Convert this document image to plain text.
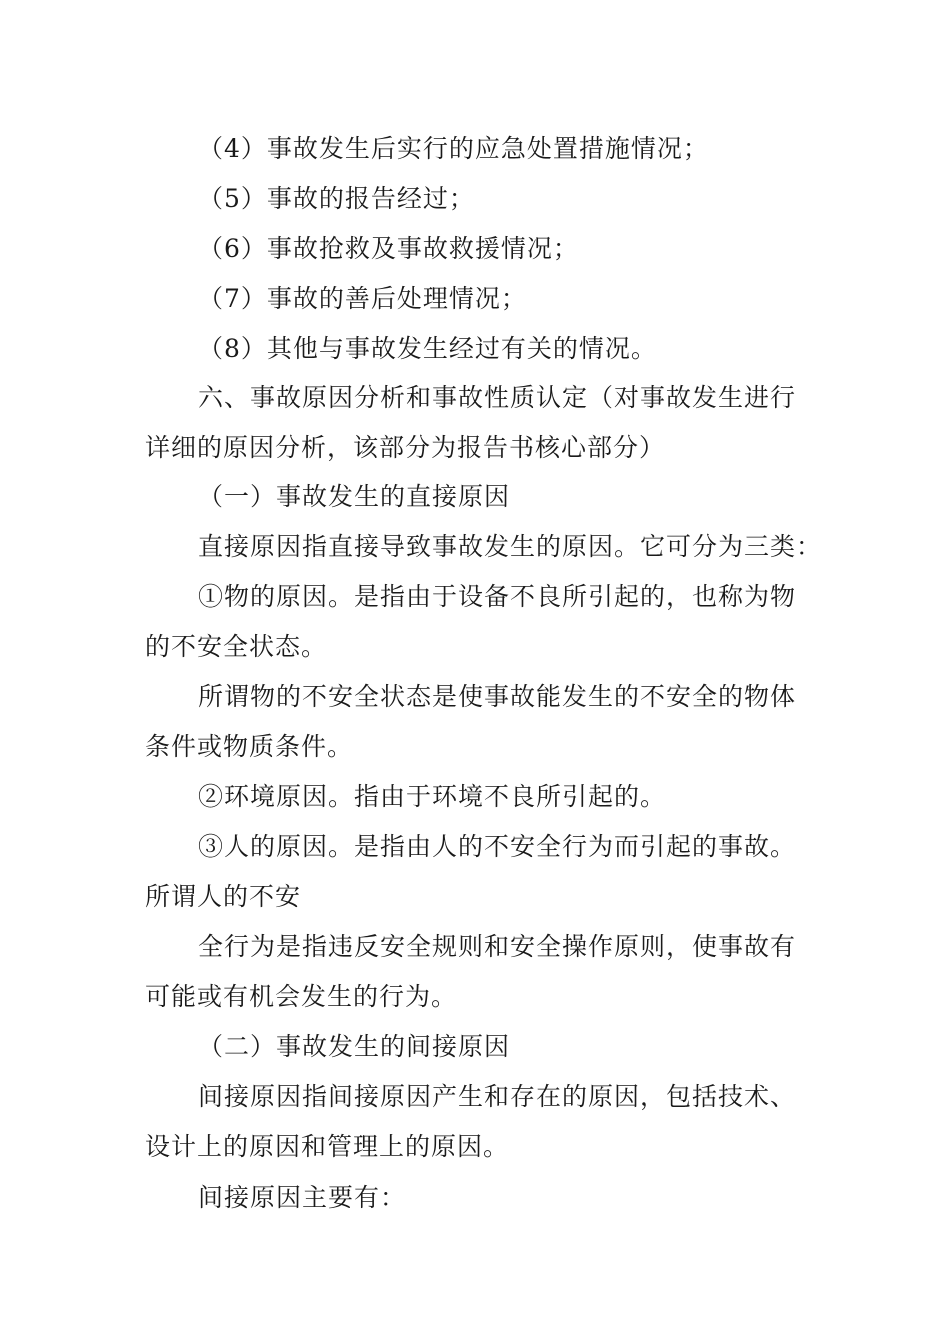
（4）事故发生后实行的应急处置措施情况；
（5）事故的报告经过；
（6）事故抢救及事故救援情况；
（7）事故的善后处理情况；
（8）其他与事故发生经过有关的情况。
六、事故原因分析和事故性质认定（对事故发生进行
详细的原因分析，该部分为报告书核心部分）
（一）事故发生的直接原因
直接原因指直接导致事故发生的原因。它可分为三类：
①物的原因。是指由于设备不良所引起的，也称为物
的不安全状态。
所谓物的不安全状态是使事故能发生的不安全的物体
条件或物质条件。
②环境原因。指由于环境不良所引起的。
③人的原因。是指由人的不安全行为而引起的事故。
所谓人的不安
全行为是指违反安全规则和安全操作原则，使事故有
可能或有机会发生的行为。
（二）事故发生的间接原因
间接原因指间接原因产生和存在的原因，包括技术、
设计上的原因和管理上的原因。
间接原因主要有：
